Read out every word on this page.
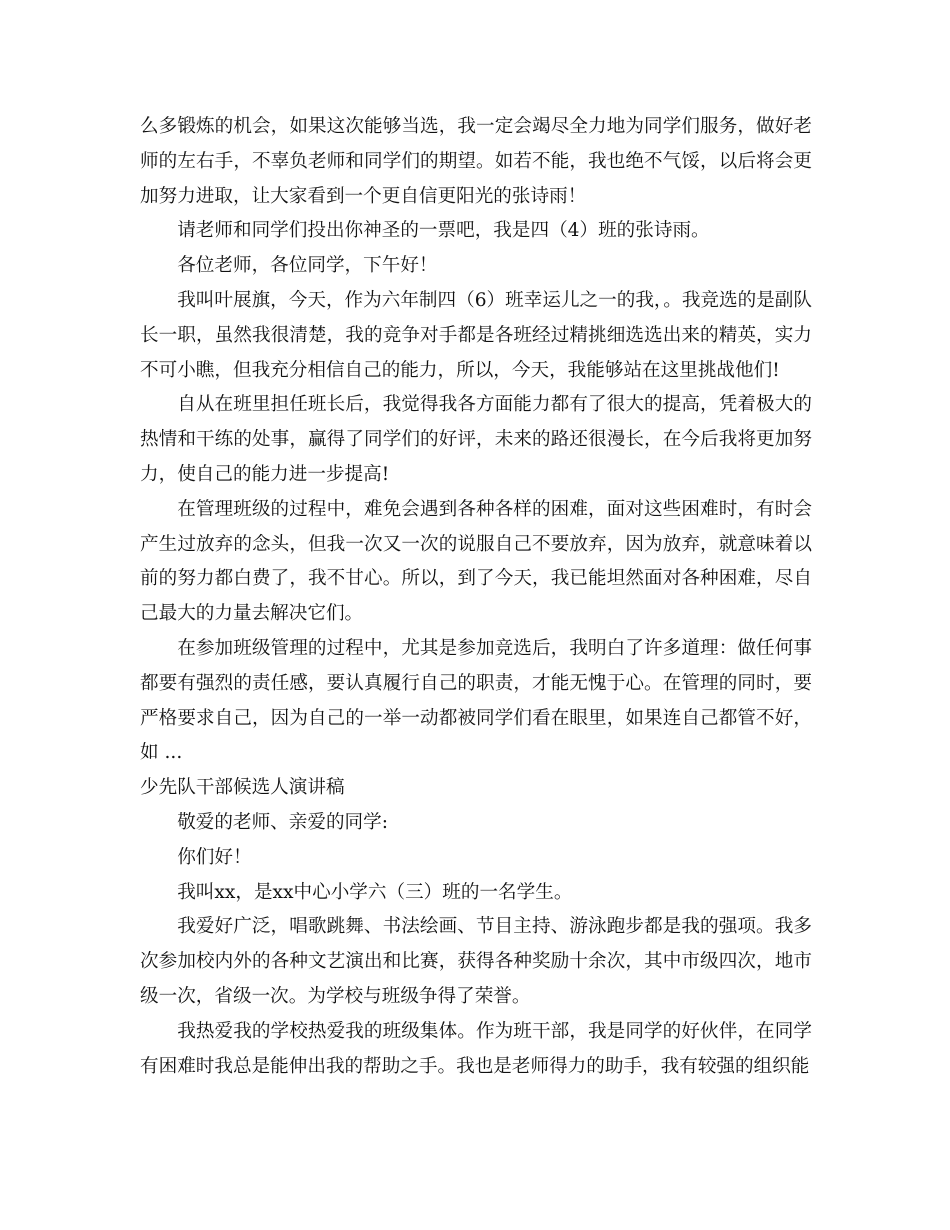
么多锻炼的机会，如果这次能够当选，我一定会竭尽全力地为同学们服务，做好老师的左右手，不辜负老师和同学们的期望。如若不能，我也绝不气馁，以后将会更加努力进取，让大家看到一个更自信更阳光的张诗雨！

请老师和同学们投出你神圣的一票吧，我是四（4）班的张诗雨。

各位老师，各位同学，下午好！

我叫叶展旗，今天，作为六年制四（6）班幸运儿之一的我，。我竞选的是副队长一职，虽然我很清楚，我的竞争对手都是各班经过精挑细选选出来的精英，实力不可小瞧，但我充分相信自己的能力，所以，今天，我能够站在这里挑战他们!

自从在班里担任班长后，我觉得我各方面能力都有了很大的提高，凭着极大的热情和干练的处事，赢得了同学们的好评，未来的路还很漫长，在今后我将更加努力，使自己的能力进一步提高!

在管理班级的过程中，难免会遇到各种各样的困难，面对这些困难时，有时会产生过放弃的念头，但我一次又一次的说服自己不要放弃，因为放弃，就意味着以前的努力都白费了，我不甘心。所以，到了今天，我已能坦然面对各种困难，尽自己最大的力量去解决它们。

在参加班级管理的过程中，尤其是参加竞选后，我明白了许多道理：做任何事都要有强烈的责任感，要认真履行自己的职责，才能无愧于心。在管理的同时，要严格要求自己，因为自己的一举一动都被同学们看在眼里，如果连自己都管不好，如 ...

少先队干部候选人演讲稿

敬爱的老师、亲爱的同学:

你们好！

我叫xx，是xx中心小学六（三）班的一名学生。

我爱好广泛，唱歌跳舞、书法绘画、节目主持、游泳跑步都是我的强项。我多次参加校内外的各种文艺演出和比赛，获得各种奖励十余次，其中市级四次，地市级一次，省级一次。为学校与班级争得了荣誉。

我热爱我的学校热爱我的班级集体。作为班干部，我是同学的好伙伴，在同学有困难时我总是能伸出我的帮助之手。我也是老师得力的助手，我有较强的组织能
